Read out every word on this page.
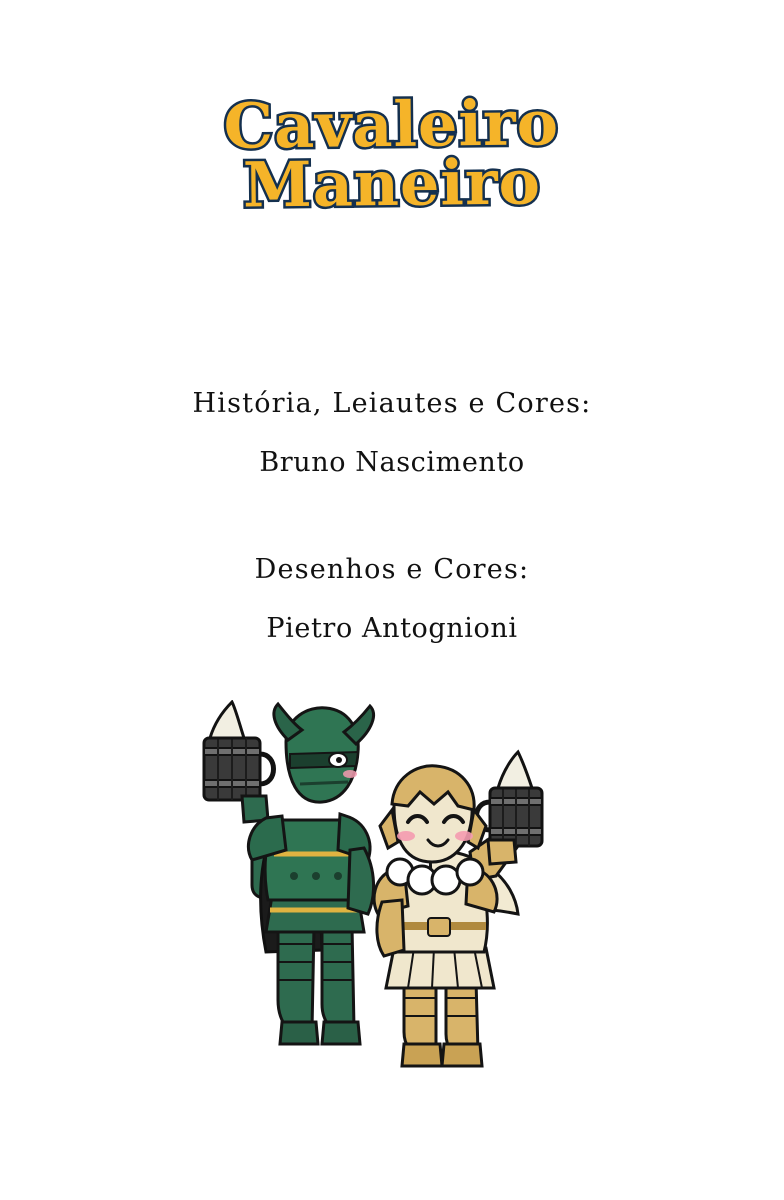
Cavaleiro
Maneiro

História, Leiautes e Cores:

Bruno Nascimento

Desenhos e Cores:

Pietro Antognioni
